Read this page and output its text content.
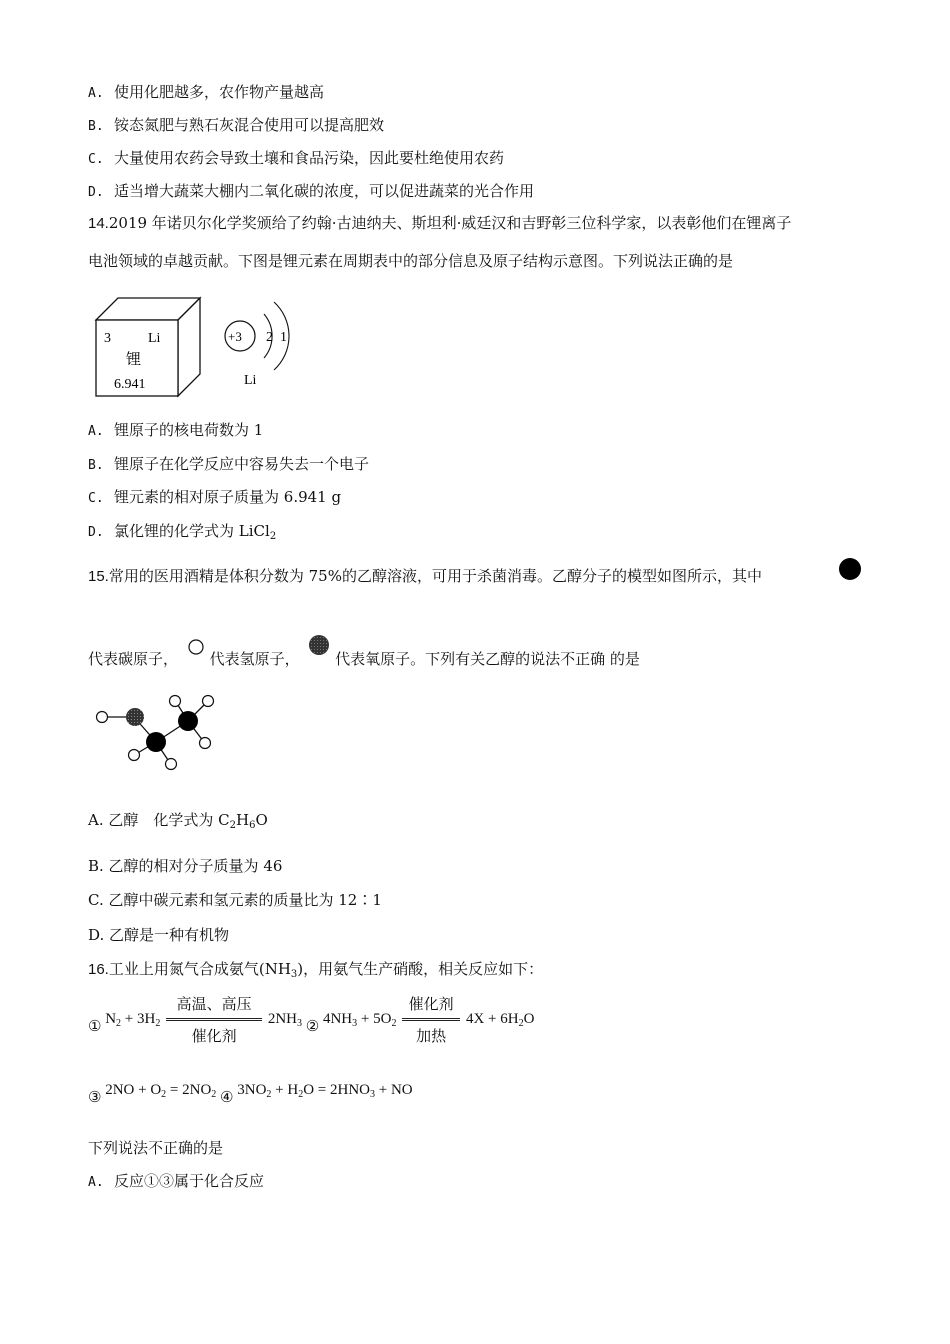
A. 使用化肥越多，农作物产量越高
B. 铵态氮肥与熟石灰混合使用可以提高肥效
C. 大量使用农药会导致土壤和食品污染，因此要杜绝使用农药
D. 适当增大蔬菜大棚内二氧化碳的浓度，可以促进蔬菜的光合作用
14.2019 年诺贝尔化学奖颁给了约翰·古迪纳夫、斯坦利·威廷汉和吉野彰三位科学家，以表彰他们在锂离子
电池领域的卓越贡献。下图是锂元素在周期表中的部分信息及原子结构示意图。下列说法正确的是
3	Li
锂
6.941
+3 2 1
Li
A. 锂原子的核电荷数为 1
B. 锂原子在化学反应中容易失去一个电子
C. 锂元素的相对原子质量为 6.941 g
D. 氯化锂的化学式为 LiCl$_2$
15.常用的医用酒精是体积分数为 75%的乙醇溶液，可用于杀菌消毒。乙醇分子的模型如图所示，其中
代表碳原子， 代表氢原子， 代表氧原子。下列有关乙醇的说法不正确 的是
A. 乙醇　化学式为 $C_2H_6O$
B. 乙醇的相对分子质量为 46
C. 乙醇中碳元素和氢元素的质量比为 12∶1
D. 乙醇是一种有机物
16.工业上用氮气合成氨气$(NH_3)$，用氨气生产硝酸，相关反应如下：
① $N_2 + 3H_2 \frac{\text{高温、高压}}{\text{催化剂}} 2NH_3$ ② $4NH_3 + 5O_2 \frac{\text{催化剂}}{\text{加热}} 4X + 6H_2O$
③ $2NO + O_2 = 2NO_2$ ④ $3NO_2 + H_2O = 2HNO_3$ + NO
下列说法不正确的是
A. 反应①③属于化合反应
